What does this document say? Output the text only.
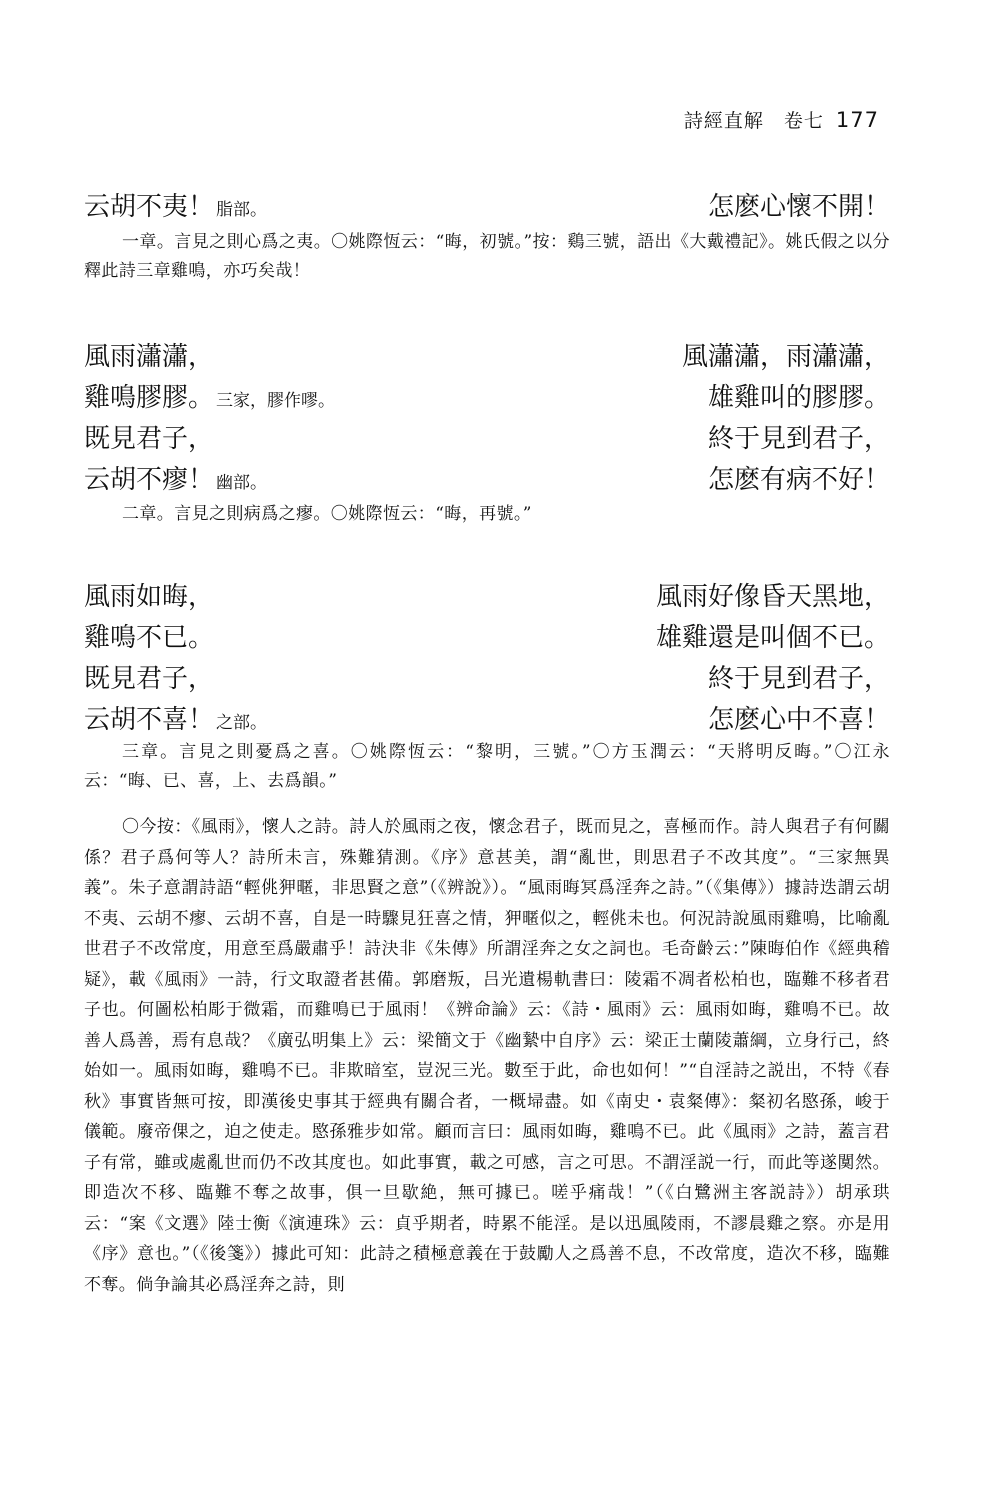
詩經直解　卷七 177
云胡不夷！ 脂部。	怎麽心懷不開！
一章。言見之則心爲之夷。〇姚際恆云：“晦，初號。”按：鷄三號，語出《大戴禮記》。姚氏假之以分釋此詩三章雞鳴，亦巧矣哉！
風雨瀟瀟，	風瀟瀟，雨瀟瀟，
雞鳴膠膠。 三家，膠作嘐。	雄雞叫的膠膠。
既見君子，	終于見到君子，
云胡不瘳！ 幽部。	怎麽有病不好！
二章。言見之則病爲之瘳。〇姚際恆云：“晦，再號。”
風雨如晦，	風雨好像昏天黑地，
雞鳴不已。	雄雞還是叫個不已。
既見君子，	終于見到君子，
云胡不喜！ 之部。	怎麽心中不喜！
三章。言見之則憂爲之喜。〇姚際恆云：“黎明，三號。”〇方玉潤云：“天將明反晦。”〇江永云：“晦、已、喜，上、去爲韻。”
〇今按：《風雨》，懷人之詩。詩人於風雨之夜，懷念君子，既而見之，喜極而作。詩人與君子有何關係？君子爲何等人？詩所未言，殊難猜測。《序》意甚美，謂“亂世，則思君子不改其度”。“三家無異義”。朱子意謂詩語“輕佻狎暱，非思賢之意”（《辨說》）。“風雨晦冥爲淫奔之詩。”（《集傳》）據詩迭謂云胡不夷、云胡不瘳、云胡不喜，自是一時驟見狂喜之情，狎暱似之，輕佻未也。何況詩說風雨雞鳴，比喻亂世君子不改常度，用意至爲嚴肅乎！詩決非《朱傳》所謂淫奔之女之詞也。毛奇齡云：”陳晦伯作《經典稽疑》，載《風雨》一詩，行文取證者甚備。郭磨叛，吕光遺楊軌書曰：陵霜不凋者松柏也，臨難不移者君子也。何圖松柏彫于微霜，而雞鳴已于風雨！《辨命論》云：《詩・風雨》云：風雨如晦，雞鳴不已。故善人爲善，焉有息哉？《廣弘明集上》云：梁簡文于《幽縶中自序》云：梁正士蘭陵蕭綱，立身行己，終始如一。風雨如晦，雞鳴不已。非欺暗室，豈況三光。數至于此，命也如何！”“自淫詩之説出，不特《春秋》事實皆無可按，即漢後史事其于經典有關合者，一概埽盡。如《南史・袁粲傳》：粲初名愍孫，峻于儀範。廢帝倮之，迫之使走。愍孫雅步如常。顧而言曰：風雨如晦，雞鳴不已。此《風雨》之詩，蓋言君子有常，雖或處亂世而仍不改其度也。如此事實，載之可感，言之可思。不謂淫説一行，而此等遂闃然。即造次不移、臨難不奪之故事，俱一旦歇絶，無可據已。嗟乎痛哉！”（《白鷺洲主客説詩》）胡承珙云：“案《文選》陸士衡《演連珠》云：貞乎期者，時累不能淫。是以迅風陵雨，不謬晨雞之察。亦是用《序》意也。”（《後箋》）據此可知：此詩之積極意義在于鼓勵人之爲善不息，不改常度，造次不移，臨難不奪。倘争論其必爲淫奔之詩，則
